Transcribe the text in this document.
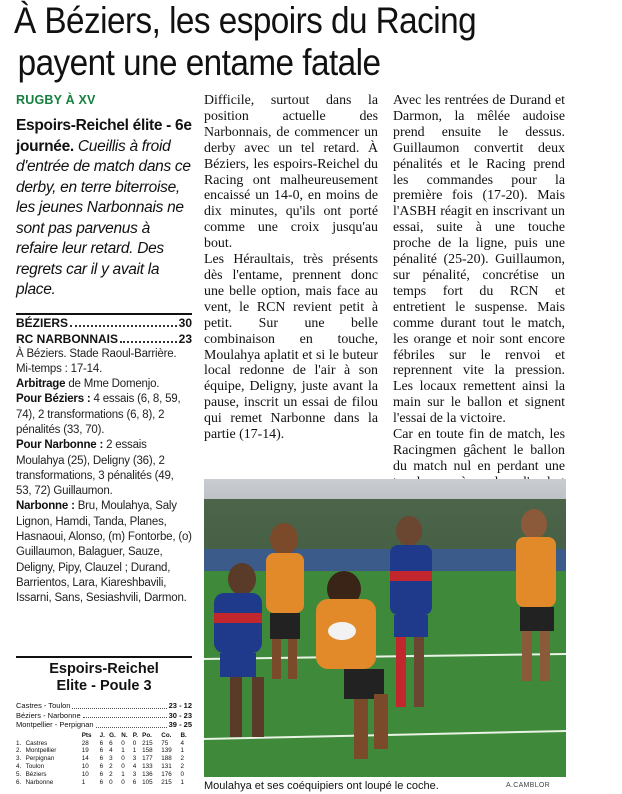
À Béziers, les espoirs du Racing
payent une entame fatale
RUGBY À XV

Espoirs-Reichel élite - 6e journée. Cueillis à froid d'entrée de match dans ce derby, en terre biterroise, les jeunes Narbonnais ne sont pas parvenus à refaire leur retard. Des regrets car il y avait la place.

BÉZIERS	30
RC NARBONNAIS	23

À Béziers. Stade Raoul-Barrière.

Mi-temps : 17-14.

Arbitrage de Mme Domenjo.

Pour Béziers : 4 essais (6, 8, 59, 74), 2 transformations (6, 8), 2 pénalités (33, 70).

Pour Narbonne : 2 essais Moulahya (25), Deligny (36), 2 transformations, 3 pénalités (49, 53, 72) Guillaumon.

Narbonne : Bru, Moulahya, Saly Lignon, Hamdi, Tanda, Planes, Hasnaoui, Alonso, (m) Fontorbe, (o) Guillaumon, Balaguer, Sauze, Deligny, Pipy, Clauzel ; Durand, Barrientos, Lara, Kiareshbavili, Issarni, Sans, Sesiashvili, Darmon.

Espoirs-Reichel
Elite - Poule 3
Castres - Toulon	23 - 12
Béziers - Narbonne	30 - 23
Montpellier - Perpignan	39 - 25
		Pts	J.	G.	N.	P.	Po.	Co.	B.
1.	Castres	28	6	6	0	0	215	75	4
2.	Montpellier	19	6	4	1	1	158	139	1
3.	Perpignan	14	6	3	0	3	177	188	2
4.	Toulon	10	6	2	0	4	133	131	2
5.	Béziers	10	6	2	1	3	136	176	0
6.	Narbonne	1	6	0	0	6	105	215	1

Difficile, surtout dans la position actuelle des Narbonnais, de commencer un derby avec un tel retard. À Béziers, les espoirs-Reichel du Racing ont malheureusement encaissé un 14-0, en moins de dix minutes, qu'ils ont porté comme une croix jusqu'au bout.

Les Héraultais, très présents dès l'entame, prennent donc une belle option, mais face au vent, le RCN revient petit à petit. Sur une belle combinaison en touche, Moulahya aplatit et si le buteur local redonne de l'air à son équipe, Deligny, juste avant la pause, inscrit un essai de filou qui remet Narbonne dans la partie (17-14).

Avec les rentrées de Durand et Darmon, la mêlée audoise prend ensuite le dessus. Guillaumon convertit deux pénalités et le Racing prend les commandes pour la première fois (17-20). Mais l'ASBH réagit en inscrivant un essai, suite à une touche proche de la ligne, puis une pénalité (25-20). Guillaumon, sur pénalité, concrétise un temps fort du RCN et entretient le suspense. Mais comme durant tout le match, les orange et noir sont encore fébriles sur le renvoi et reprennent vite la pression. Les locaux remettent ainsi la main sur le ballon et signent l'essai de la victoire.

Car en toute fin de match, les Racingmen gâchent le ballon du match nul en perdant une

Moulahya et ses coéquipiers ont loupé le coche.	A.CAMBLOR
